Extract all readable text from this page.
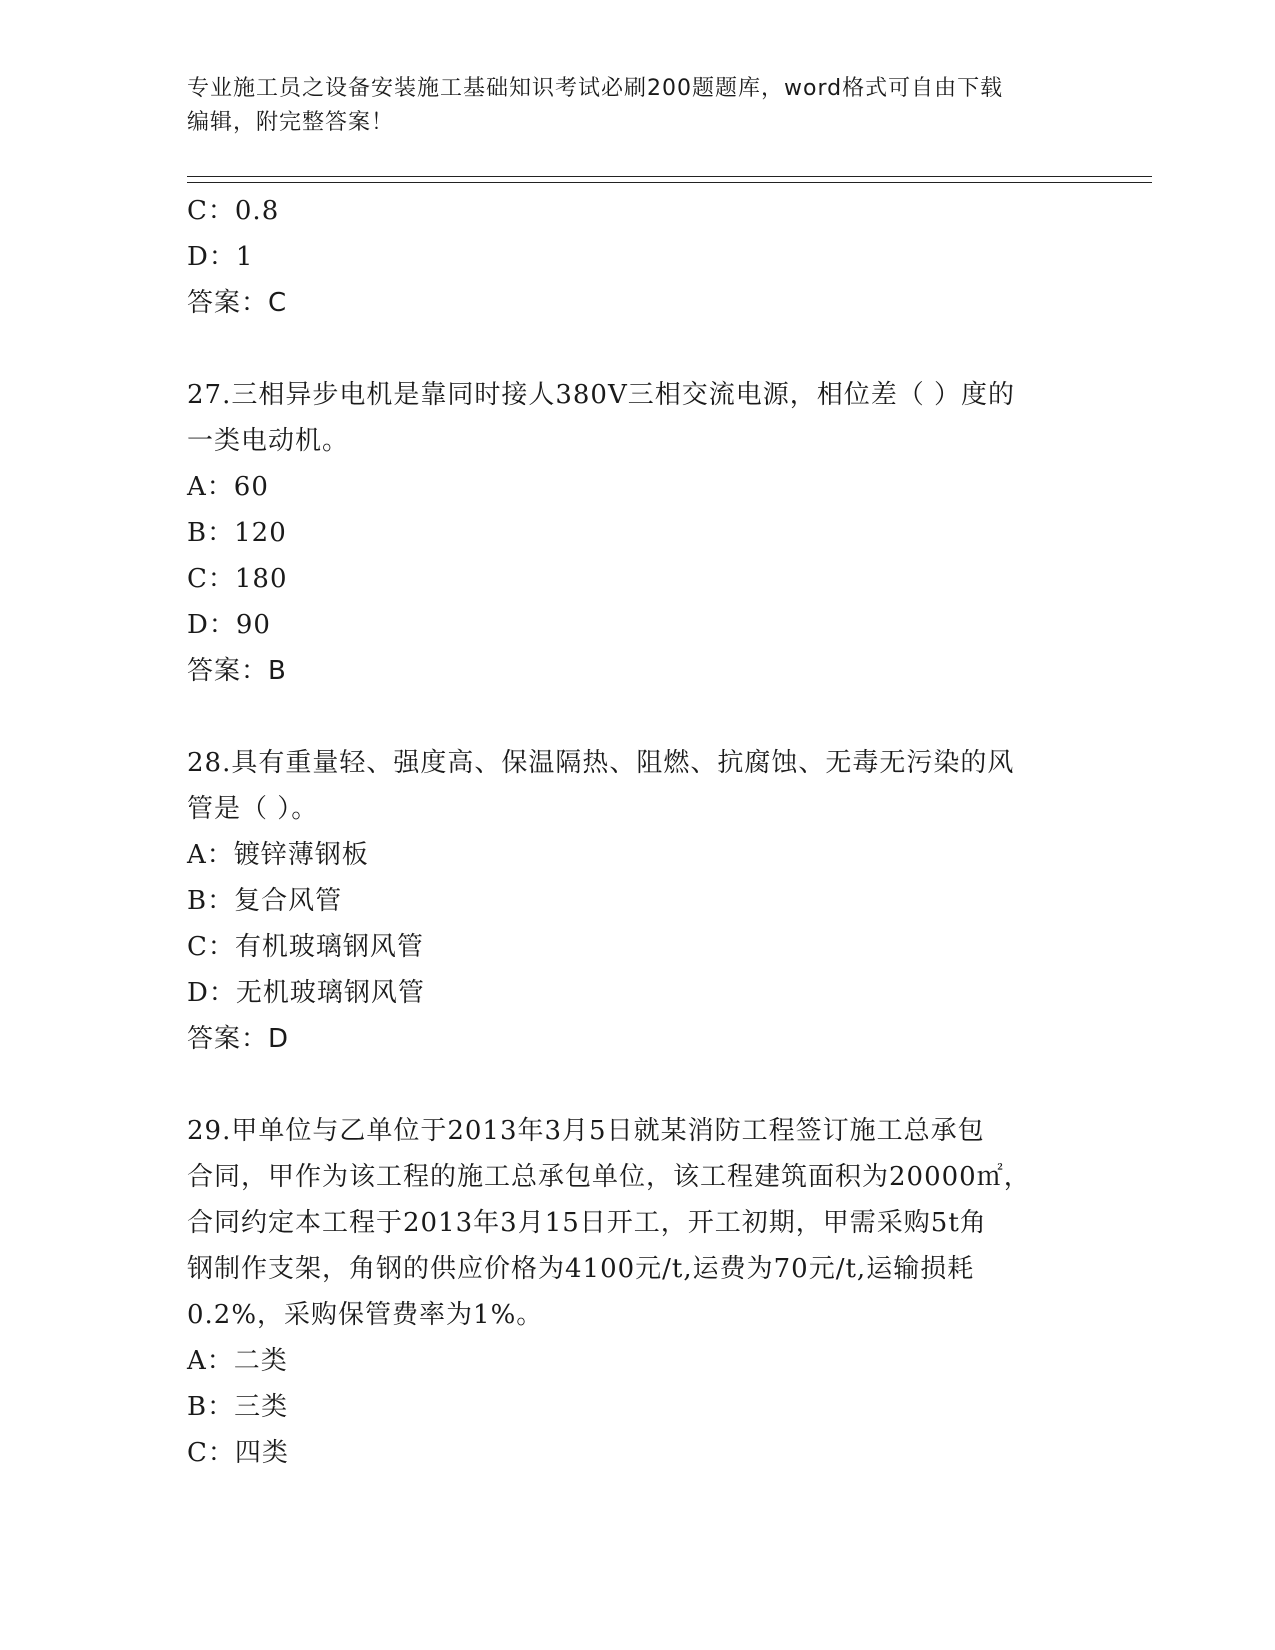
专业施工员之设备安装施工基础知识考试必刷200题题库，word格式可自由下载
编辑，附完整答案！
C：0.8
D：1
答案：C
27.三相异步电机是靠同时接人380V三相交流电源，相位差（ ）度的
一类电动机。
A：60
B：120
C：180
D：90
答案：B
28.具有重量轻、强度高、保温隔热、阻燃、抗腐蚀、无毒无污染的风
管是（ ）。
A：镀锌薄钢板
B：复合风管
C：有机玻璃钢风管
D：无机玻璃钢风管
答案：D
29.甲单位与乙单位于2013年3月5日就某消防工程签订施工总承包
合同，甲作为该工程的施工总承包单位，该工程建筑面积为20000㎡，
合同约定本工程于2013年3月15日开工，开工初期，甲需采购5t角
钢制作支架，角钢的供应价格为4100元/t,运费为70元/t,运输损耗
0.2%，采购保管费率为1%。
A：二类
B：三类
C：四类
